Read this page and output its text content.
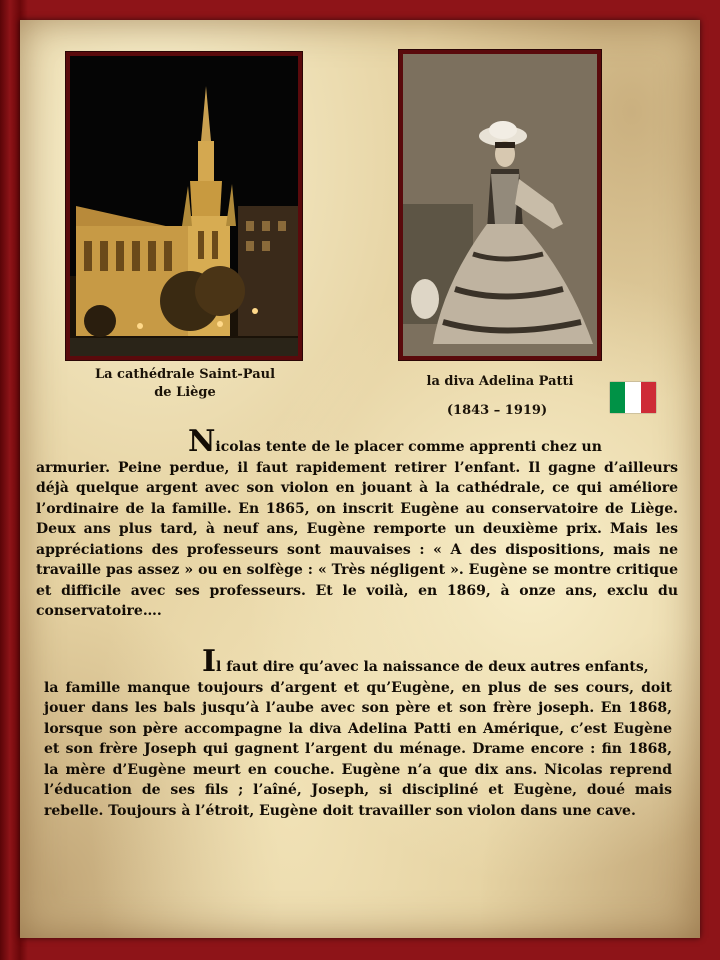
La cathédrale Saint-Paul
de Liège
la diva Adelina Patti
(1843 – 1919)
Nicolas tente de le placer comme apprenti chez un
armurier. Peine perdue, il faut rapidement retirer l’enfant. Il gagne d’ailleurs déjà quelque argent avec son violon en jouant à la cathédrale, ce qui améliore l’ordinaire de la famille. En 1865, on inscrit Eugène au conservatoire de Liège. Deux ans plus tard, à neuf ans, Eugène remporte un deuxième prix. Mais les appréciations des professeurs sont mauvaises : « A des dispositions, mais ne travaille pas assez » ou en solfège : « Très négligent ». Eugène se montre critique et difficile avec ses professeurs. Et le voilà, en 1869, à onze ans, exclu du conservatoire….
Il faut dire qu’avec la naissance de deux autres enfants,
la famille manque toujours d’argent et qu’Eugène, en plus de ses cours, doit jouer dans les bals jusqu’à l’aube avec son père et son frère joseph. En 1868, lorsque son père accompagne la diva Adelina Patti en Amérique, c’est Eugène et son frère Joseph qui gagnent l’argent du ménage. Drame encore : fin 1868, la mère d’Eugène meurt en couche. Eugène n’a que dix ans. Nicolas reprend l’éducation de ses fils ; l’aîné, Joseph, si discipliné et Eugène, doué mais rebelle. Toujours à l’étroit, Eugène doit travailler son violon dans une cave.
